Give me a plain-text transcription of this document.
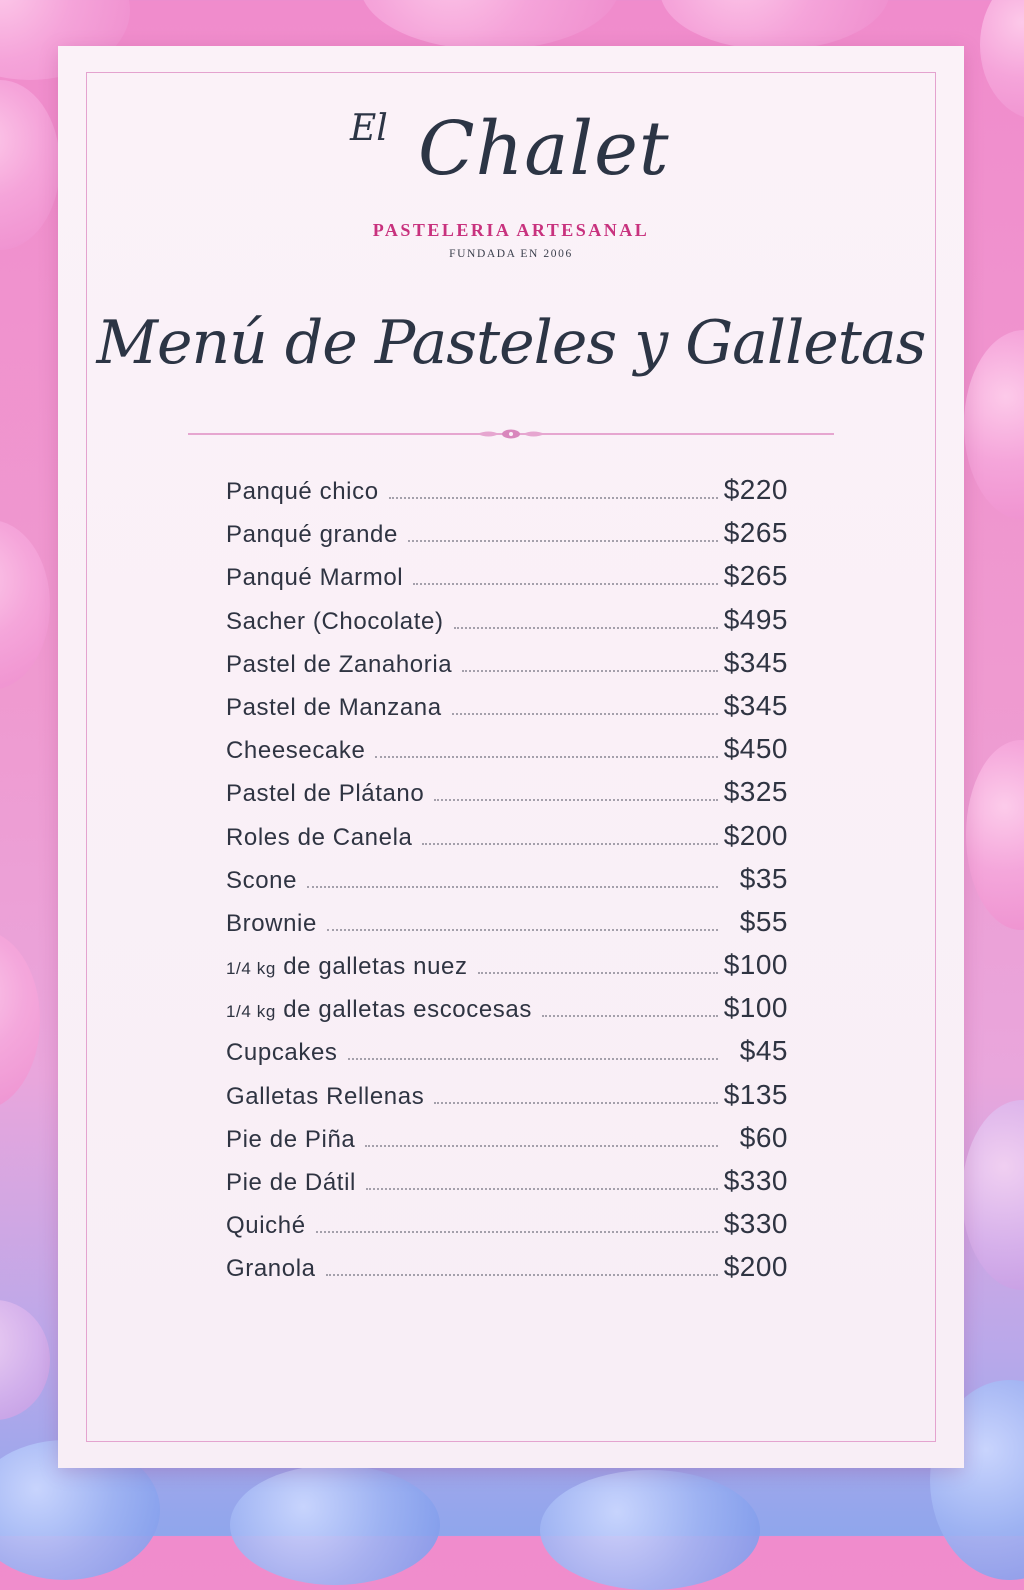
El Chalet
PASTELERIA ARTESANAL
FUNDADA EN 2006
Menú de Pasteles y Galletas
Panqué chico	$220
Panqué grande	$265
Panqué Marmol	$265
Sacher (Chocolate)	$495
Pastel de Zanahoria	$345
Pastel de Manzana	$345
Cheesecake	$450
Pastel de Plátano	$325
Roles de Canela	$200
Scone	$35
Brownie	$55
1/4 kg de galletas nuez	$100
1/4 kg de galletas escocesas	$100
Cupcakes	$45
Galletas Rellenas	$135
Pie de Piña	$60
Pie de Dátil	$330
Quiché	$330
Granola	$200
